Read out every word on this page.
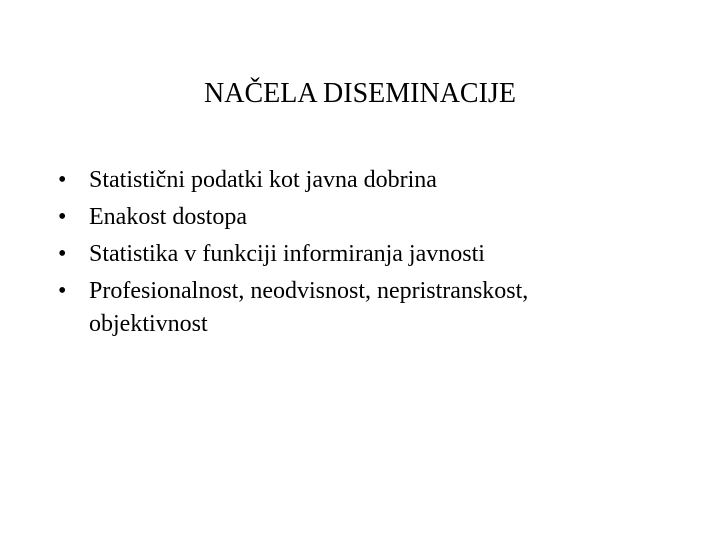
NAČELA DISEMINACIJE
• Statistični podatki kot javna dobrina
• Enakost dostopa
• Statistika v funkciji informiranja javnosti
• Profesionalnost, neodvisnost, nepristranskost, objektivnost
